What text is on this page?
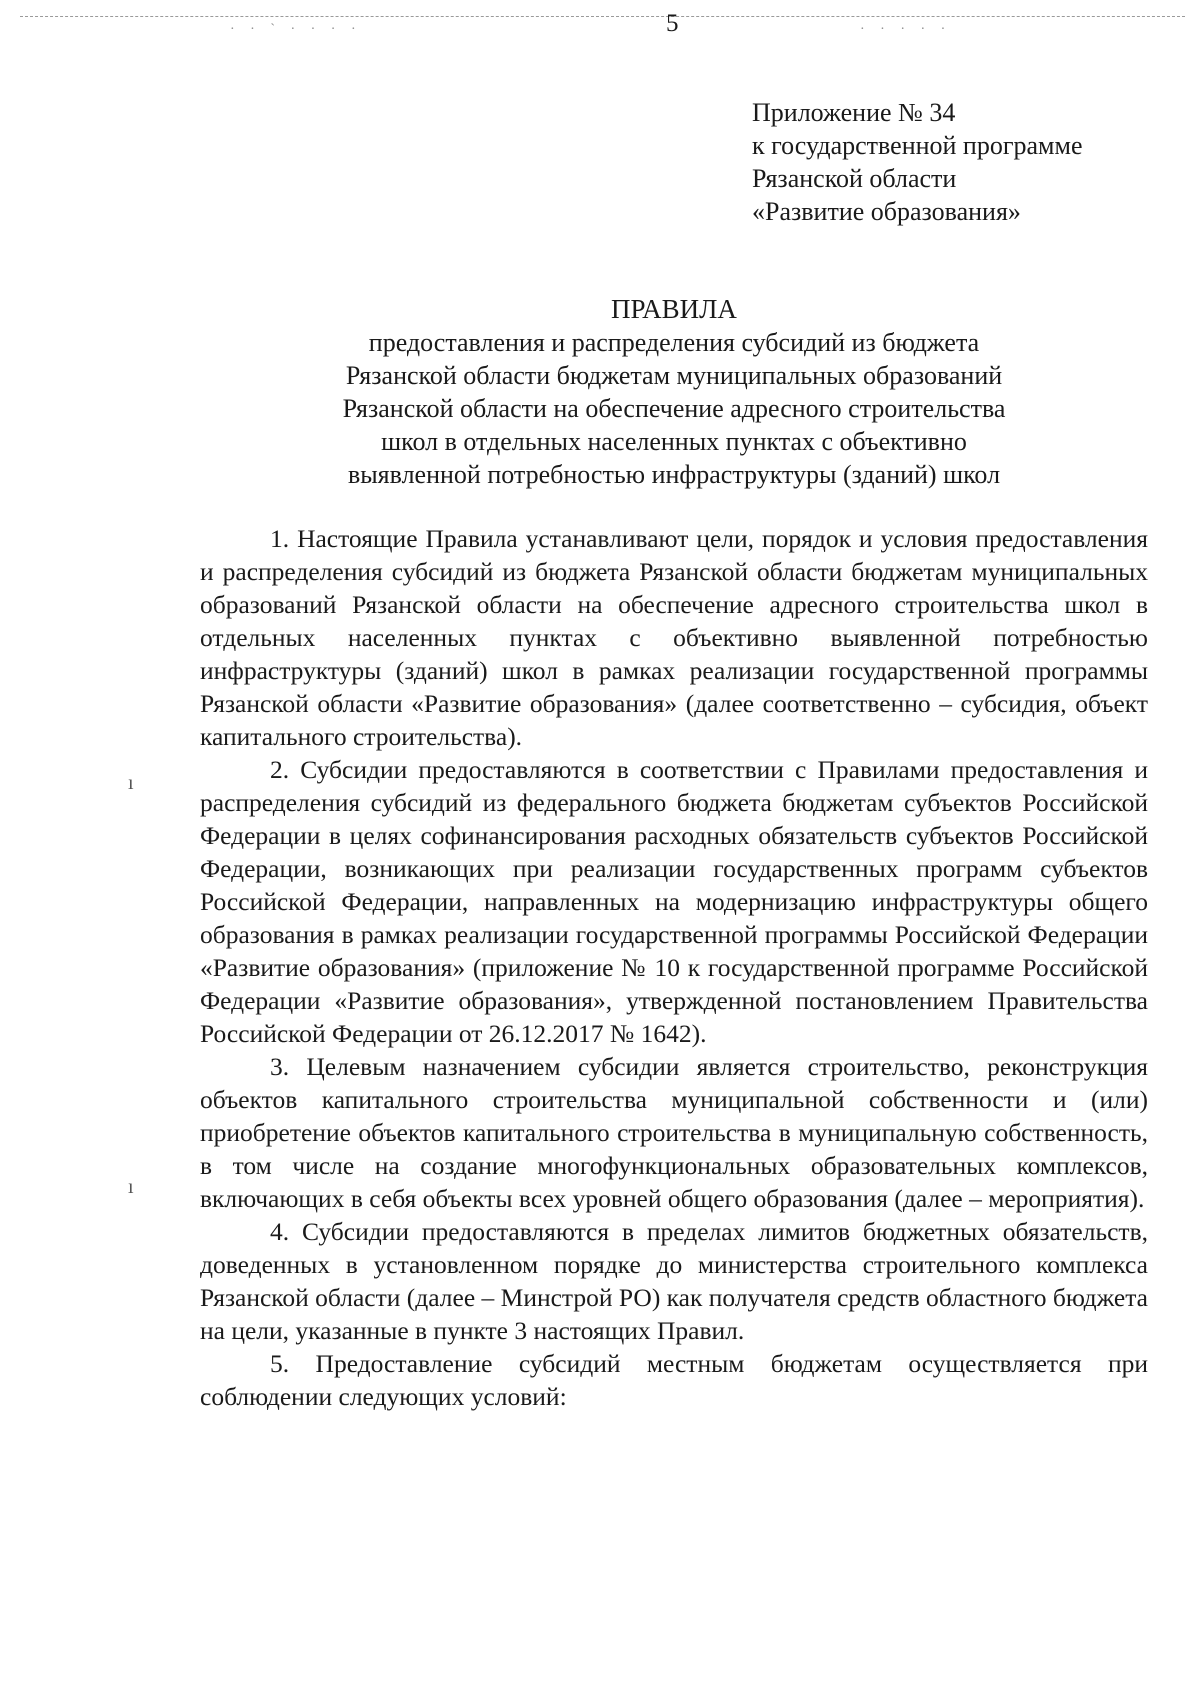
· · ` · · · ·	· · · · ·
5
ı
ı
Приложение № 34
к государственной программе
Рязанской области
«Развитие образования»
ПРАВИЛА
предоставления и распределения субсидий из бюджета
Рязанской области бюджетам муниципальных образований
Рязанской области на обеспечение адресного строительства
школ в отдельных населенных пунктах с объективно
выявленной потребностью инфраструктуры (зданий) школ

1. Настоящие Правила устанавливают цели, порядок и условия предоставления и распределения субсидий из бюджета Рязанской области бюджетам муниципальных образований Рязанской области на обеспечение адресного строительства школ в отдельных населенных пунктах с объективно выявленной потребностью инфраструктуры (зданий) школ в рамках реализации государственной программы Рязанской области «Развитие образования» (далее соответственно – субсидия, объект капитального строительства).

2. Субсидии предоставляются в соответствии с Правилами предоставления и распределения субсидий из федерального бюджета бюджетам субъектов Российской Федерации в целях софинансирования расходных обязательств субъектов Российской Федерации, возникающих при реализации государственных программ субъектов Российской Федерации, направленных на модернизацию инфраструктуры общего образования в рамках реализации государственной программы Российской Федерации «Развитие образования» (приложение № 10 к государственной программе Российской Федерации «Развитие образования», утвержденной постановлением Правительства Российской Федерации от 26.12.2017 № 1642).

3. Целевым назначением субсидии является строительство, реконструкция объектов капитального строительства муниципальной собственности и (или) приобретение объектов капитального строительства в муниципальную собственность, в том числе на создание многофункциональных образовательных комплексов, включающих в себя объекты всех уровней общего образования (далее – мероприятия).

4. Субсидии предоставляются в пределах лимитов бюджетных обязательств, доведенных в установленном порядке до министерства строительного комплекса Рязанской области (далее – Минстрой РО) как получателя средств областного бюджета на цели, указанные в пункте 3 настоящих Правил.

5. Предоставление субсидий местным бюджетам осуществляется при соблюдении следующих условий:
